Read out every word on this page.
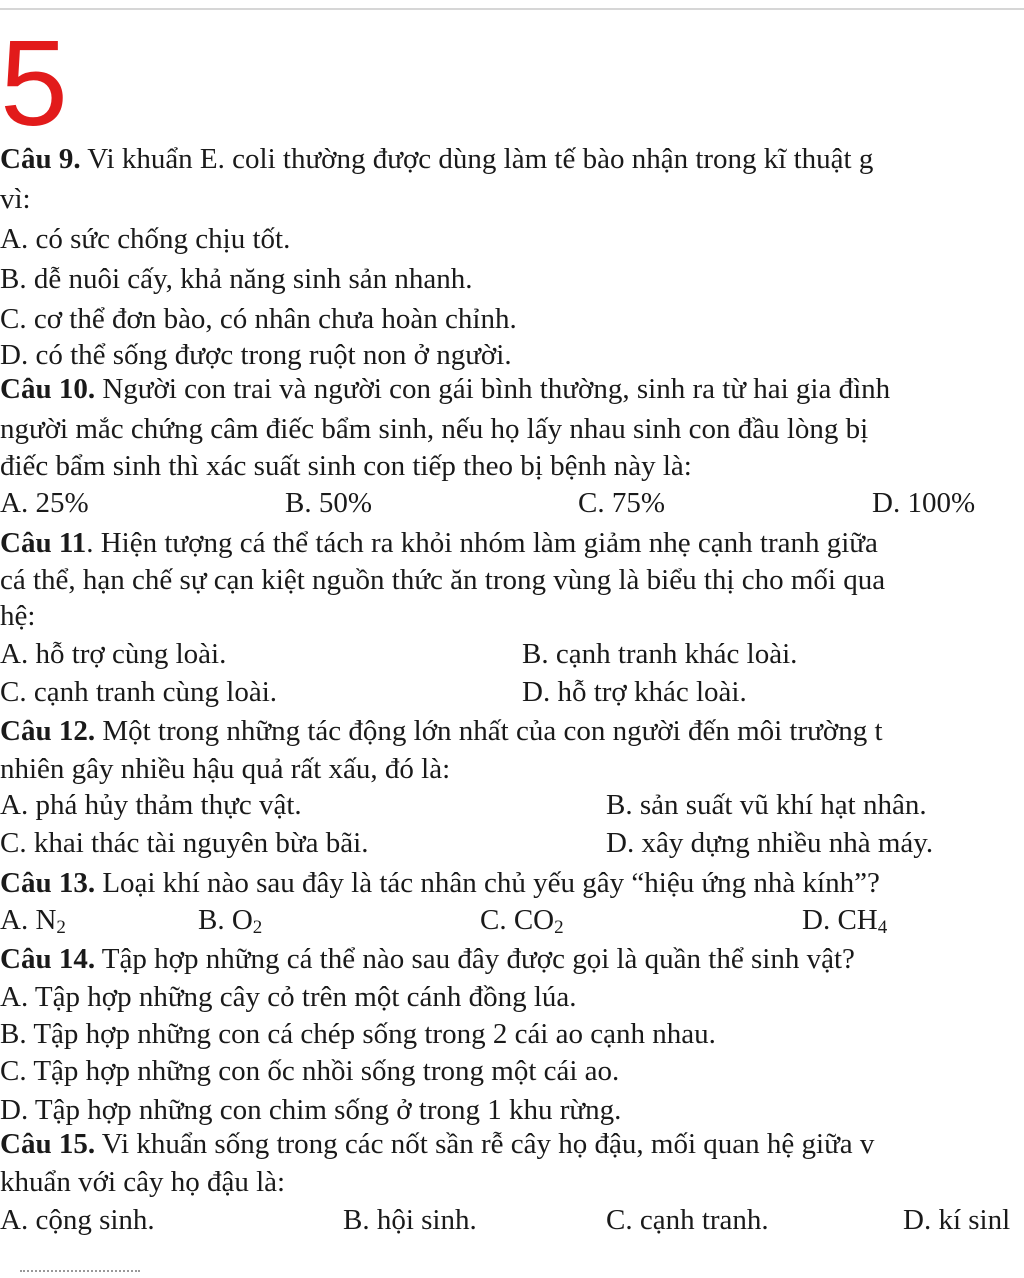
5
Câu 9. Vi khuẩn E. coli thường được dùng làm tế bào nhận trong kĩ thuật g
vì:
A. có sức chống chịu tốt.
B. dễ nuôi cấy, khả năng sinh sản nhanh.
C. cơ thể đơn bào, có nhân chưa hoàn chỉnh.
D. có thể sống được trong ruột non ở người.
Câu 10. Người con trai và người con gái bình thường, sinh ra từ hai gia đình
người mắc chứng câm điếc bẩm sinh, nếu họ lấy nhau sinh con đầu lòng bị
điếc bẩm sinh thì xác suất sinh con tiếp theo bị bệnh này là:
A. 25%	B. 50%	C. 75%	D. 100%
Câu 11. Hiện tượng cá thể tách ra khỏi nhóm làm giảm nhẹ cạnh tranh giữa
cá thể, hạn chế sự cạn kiệt nguồn thức ăn trong vùng là biểu thị cho mối qua
hệ:
A. hỗ trợ cùng loài.	B. cạnh tranh khác loài.
C. cạnh tranh cùng loài.	D. hỗ trợ khác loài.
Câu 12. Một trong những tác động lớn nhất của con người đến môi trường t
nhiên gây nhiều hậu quả rất xấu, đó là:
A. phá hủy thảm thực vật.	B. sản suất vũ khí hạt nhân.
C. khai thác tài nguyên bừa bãi.	D. xây dựng nhiều nhà máy.
Câu 13. Loại khí nào sau đây là tác nhân chủ yếu gây “hiệu ứng nhà kính”?
A. $N_2$	B. $O_2$	C. $CO_2$	D. $CH_4$
Câu 14. Tập hợp những cá thể nào sau đây được gọi là quần thể sinh vật?
A. Tập hợp những cây cỏ trên một cánh đồng lúa.
B. Tập hợp những con cá chép sống trong 2 cái ao cạnh nhau.
C. Tập hợp những con ốc nhồi sống trong một cái ao.
D. Tập hợp những con chim sống ở trong 1 khu rừng.
Câu 15. Vi khuẩn sống trong các nốt sần rễ cây họ đậu, mối quan hệ giữa v
khuẩn với cây họ đậu là:
A. cộng sinh.	B. hội sinh.	C. cạnh tranh.	D. kí sinl
